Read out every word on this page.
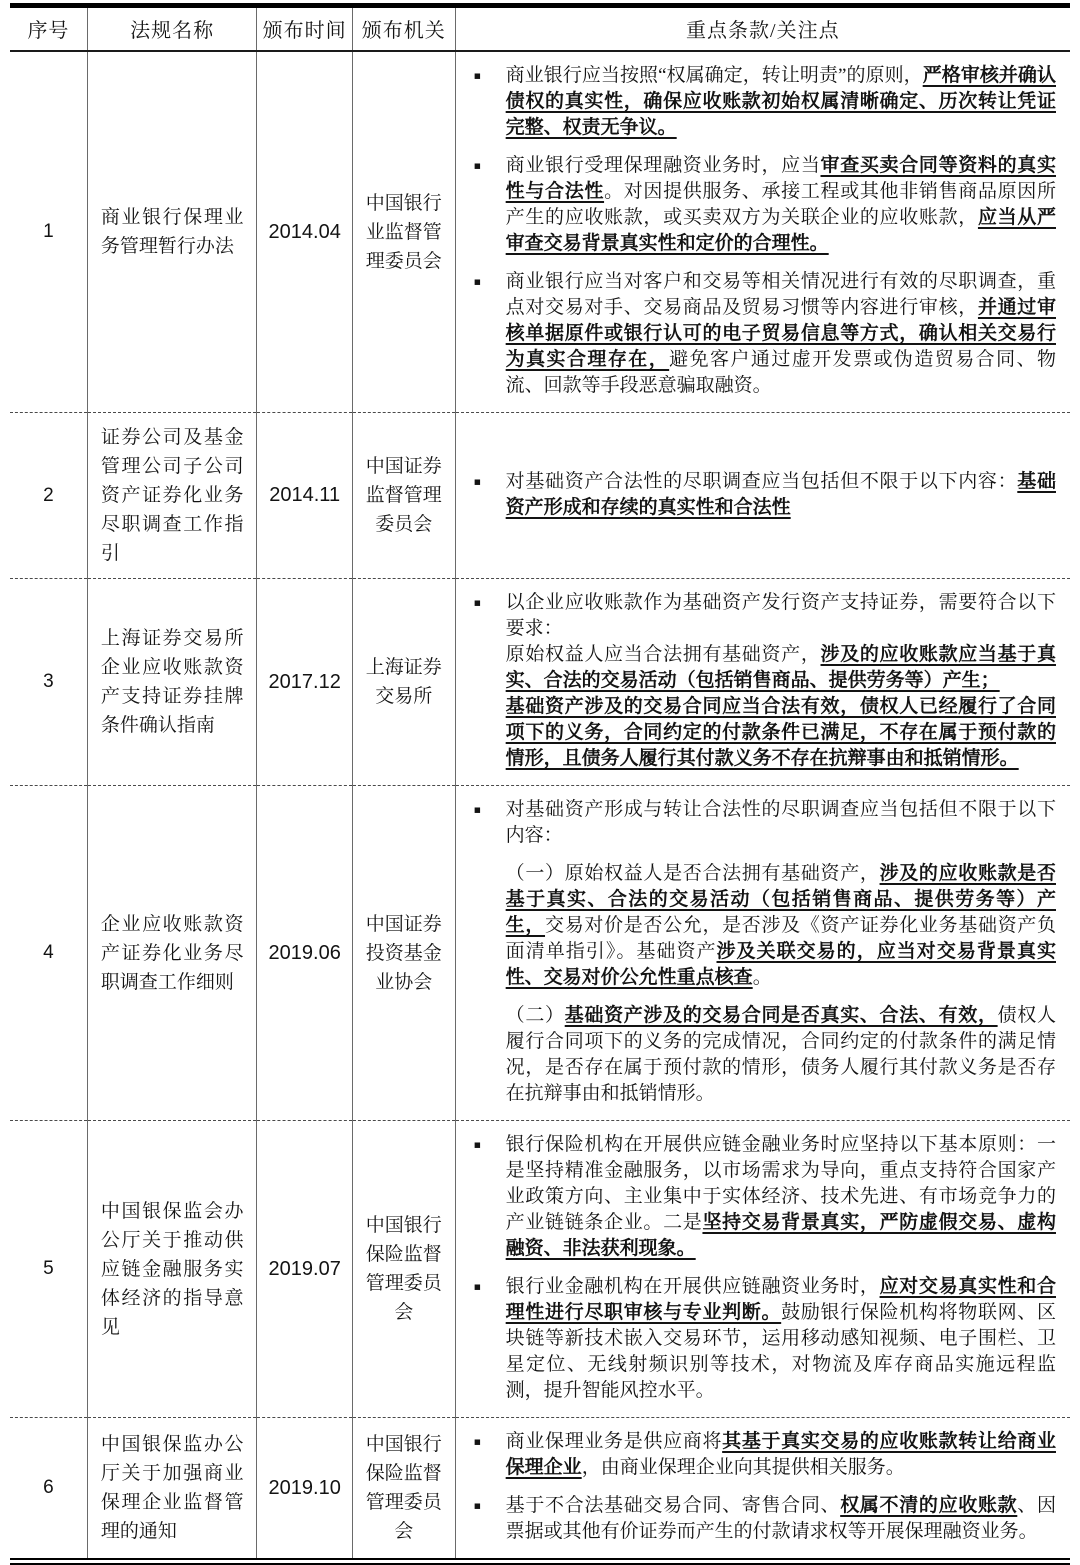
序号	法规名称	颁布时间	颁布机关	重点条款/关注点
1	商业银行保理业务管理暂行办法	2014.04	中国银行业监督管理委员会	
▪	商业银行应当按照“权属确定，转让明责”的原则，严格审核并确认债权的真实性，确保应收账款初始权属清晰确定、历次转让凭证完整、权责无争议。
▪	商业银行受理保理融资业务时，应当审查买卖合同等资料的真实性与合法性。对因提供服务、承接工程或其他非销售商品原因所产生的应收账款，或买卖双方为关联企业的应收账款，应当从严审查交易背景真实性和定价的合理性。
▪	商业银行应当对客户和交易等相关情况进行有效的尽职调查，重点对交易对手、交易商品及贸易习惯等内容进行审核，并通过审核单据原件或银行认可的电子贸易信息等方式，确认相关交易行为真实合理存在，避免客户通过虚开发票或伪造贸易合同、物流、回款等手段恶意骗取融资。

2	证券公司及基金管理公司子公司资产证券化业务尽职调查工作指引	2014.11	中国证券监督管理委员会	▪ 对基础资产合法性的尽职调查应当包括但不限于以下内容：基础资产形成和存续的真实性和合法性

3	上海证券交易所企业应收账款资产支持证券挂牌条件确认指南	2017.12	上海证券交易所	▪ 以企业应收账款作为基础资产发行资产支持证券，需要符合以下要求：
原始权益人应当合法拥有基础资产，涉及的应收账款应当基于真实、合法的交易活动（包括销售商品、提供劳务等）产生；
基础资产涉及的交易合同应当合法有效，债权人已经履行了合同项下的义务，合同约定的付款条件已满足，不存在属于预付款的情形，且债务人履行其付款义务不存在抗辩事由和抵销情形。

4	企业应收账款资产证券化业务尽职调查工作细则	2019.06	中国证券投资基金业协会	▪ 对基础资产形成与转让合法性的尽职调查应当包括但不限于以下内容：
（一）原始权益人是否合法拥有基础资产，涉及的应收账款是否基于真实、合法的交易活动（包括销售商品、提供劳务等）产生，交易对价是否公允，是否涉及《资产证券化业务基础资产负面清单指引》。基础资产涉及关联交易的，应当对交易背景真实性、交易对价公允性重点核查。
（二）基础资产涉及的交易合同是否真实、合法、有效，债权人履行合同项下的义务的完成情况，合同约定的付款条件的满足情况，是否存在属于预付款的情形，债务人履行其付款义务是否存在抗辩事由和抵销情形。

5	中国银保监会办公厅关于推动供应链金融服务实体经济的指导意见	2019.07	中国银行保险监督管理委员会	▪ 银行保险机构在开展供应链金融业务时应坚持以下基本原则：一是坚持精准金融服务，以市场需求为导向，重点支持符合国家产业政策方向、主业集中于实体经济、技术先进、有市场竞争力的产业链链条企业。二是坚持交易背景真实，严防虚假交易、虚构融资、非法获利现象。
▪ 银行业金融机构在开展供应链融资业务时，应对交易真实性和合理性进行尽职审核与专业判断。鼓励银行保险机构将物联网、区块链等新技术嵌入交易环节，运用移动感知视频、电子围栏、卫星定位、无线射频识别等技术，对物流及库存商品实施远程监测，提升智能风控水平。

6	中国银保监办公厅关于加强商业保理企业监督管理的通知	2019.10	中国银行保险监督管理委员会	▪ 商业保理业务是供应商将其基于真实交易的应收账款转让给商业保理企业，由商业保理企业向其提供相关服务。
▪ 基于不合法基础交易合同、寄售合同、权属不清的应收账款、因票据或其他有价证券而产生的付款请求权等开展保理融资业务。
